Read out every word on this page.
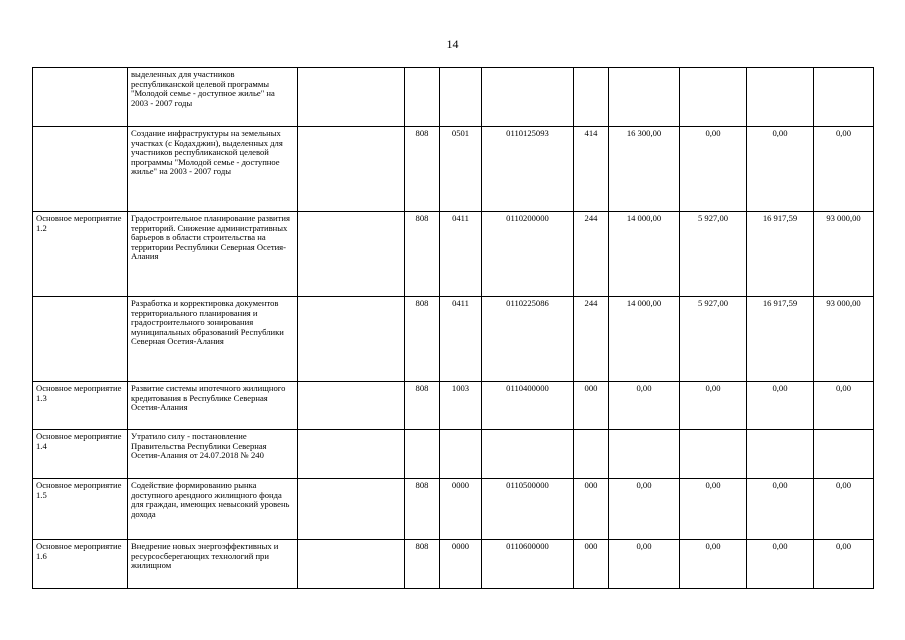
14
	выделенных для участников республиканской целевой программы "Молодой семье - доступное жилье" на 2003 - 2007 годы									
	Создание инфраструктуры на земельных участках (с Кодахджин), выделенных для участников республиканской целевой программы "Молодой семье - доступное жилье" на 2003 - 2007 годы		808	0501	0110125093	414	16 300,00	0,00	0,00	0,00
Основное мероприятие 1.2	Градостроительное планирование развития территорий. Снижение административных барьеров в области строительства на территории Республики Северная Осетия-Алания		808	0411	0110200000	244	14 000,00	5 927,00	16 917,59	93 000,00
	Разработка и корректировка документов территориального планирования и градостроительного зонирования муниципальных образований Республики Северная Осетия-Алания		808	0411	0110225086	244	14 000,00	5 927,00	16 917,59	93 000,00
Основное мероприятие 1.3	Развитие системы ипотечного жилищного кредитования в Республике Северная Осетия-Алания		808	1003	0110400000	000	0,00	0,00	0,00	0,00
Основное мероприятие 1.4	Утратило силу - постановление Правительства Республики Северная Осетия-Алания от 24.07.2018 № 240									
Основное мероприятие 1.5	Содействие формированию рынка доступного арендного жилищного фонда для граждан, имеющих невысокий уровень дохода		808	0000	0110500000	000	0,00	0,00	0,00	0,00
Основное мероприятие 1.6	Внедрение новых энергоэффективных и ресурсосберегающих технологий при жилищном		808	0000	0110600000	000	0,00	0,00	0,00	0,00
